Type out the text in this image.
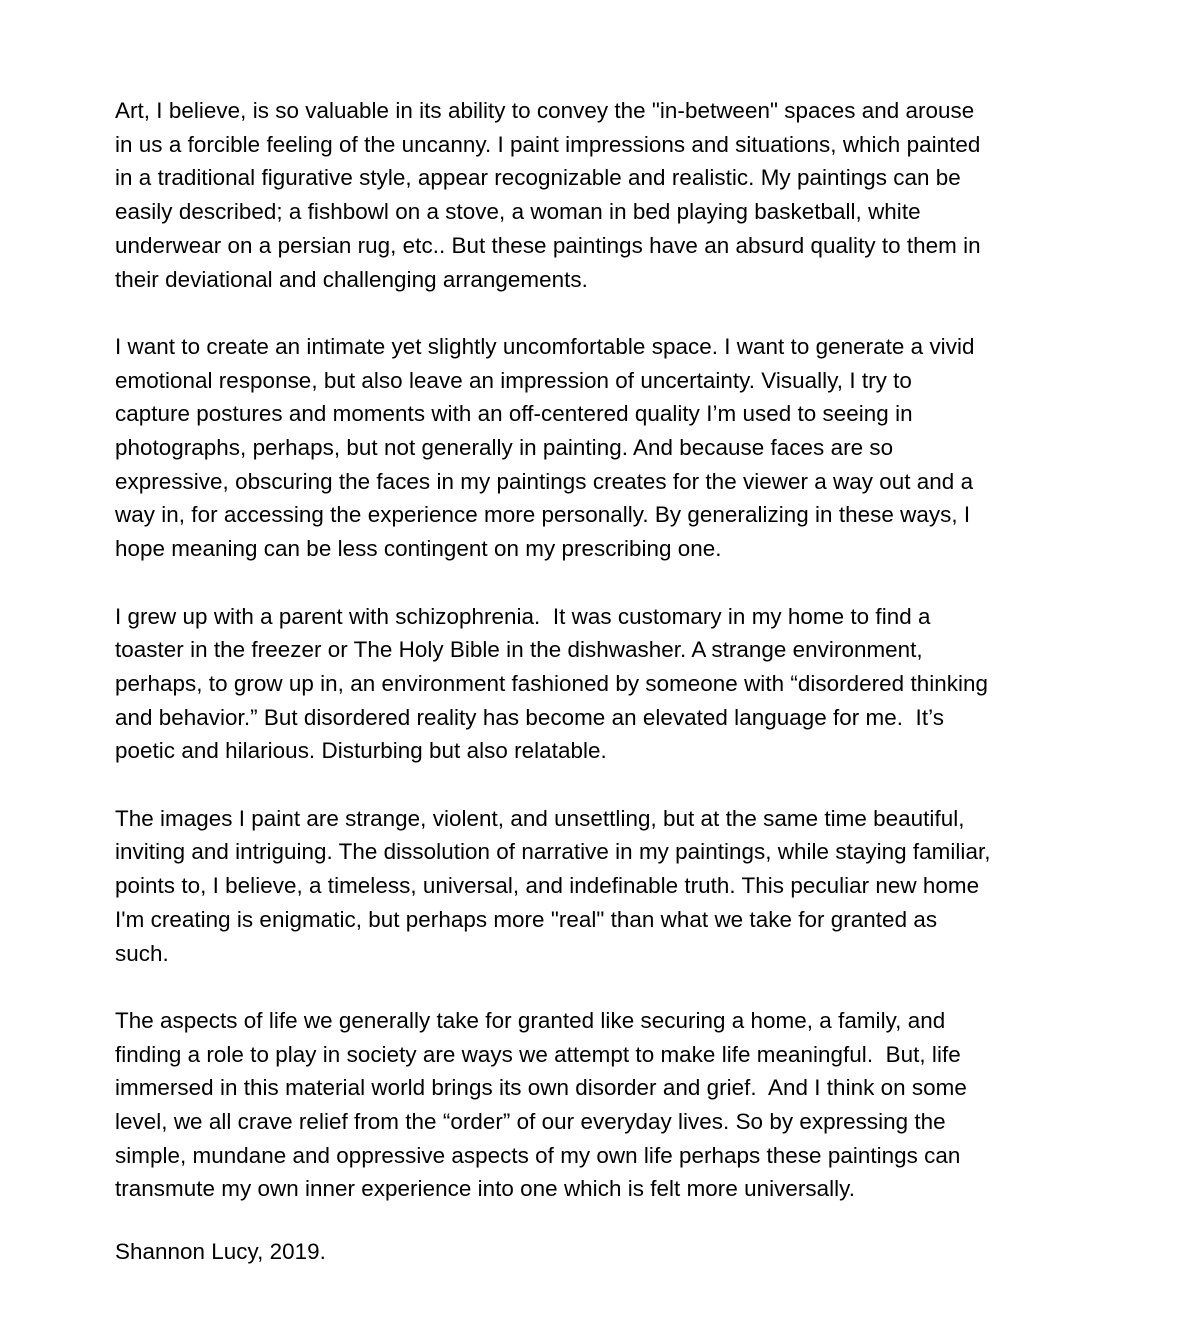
Art, I believe, is so valuable in its ability to convey the "in-between" spaces and arouse
in us a forcible feeling of the uncanny. I paint impressions and situations, which painted
in a traditional figurative style, appear recognizable and realistic. My paintings can be
easily described; a fishbowl on a stove, a woman in bed playing basketball, white
underwear on a persian rug, etc.. But these paintings have an absurd quality to them in
their deviational and challenging arrangements.
I want to create an intimate yet slightly uncomfortable space. I want to generate a vivid
emotional response, but also leave an impression of uncertainty. Visually, I try to
capture postures and moments with an off-centered quality I’m used to seeing in
photographs, perhaps, but not generally in painting. And because faces are so
expressive, obscuring the faces in my paintings creates for the viewer a way out and a
way in, for accessing the experience more personally. By generalizing in these ways, I
hope meaning can be less contingent on my prescribing one.
I grew up with a parent with schizophrenia.  It was customary in my home to find a
toaster in the freezer or The Holy Bible in the dishwasher. A strange environment,
perhaps, to grow up in, an environment fashioned by someone with “disordered thinking
and behavior.” But disordered reality has become an elevated language for me.  It’s
poetic and hilarious. Disturbing but also relatable.
The images I paint are strange, violent, and unsettling, but at the same time beautiful,
inviting and intriguing. The dissolution of narrative in my paintings, while staying familiar,
points to, I believe, a timeless, universal, and indefinable truth. This peculiar new home
I'm creating is enigmatic, but perhaps more "real" than what we take for granted as
such.
The aspects of life we generally take for granted like securing a home, a family, and
finding a role to play in society are ways we attempt to make life meaningful.  But, life
immersed in this material world brings its own disorder and grief.  And I think on some
level, we all crave relief from the “order” of our everyday lives. So by expressing the
simple, mundane and oppressive aspects of my own life perhaps these paintings can
transmute my own inner experience into one which is felt more universally.
Shannon Lucy, 2019.
